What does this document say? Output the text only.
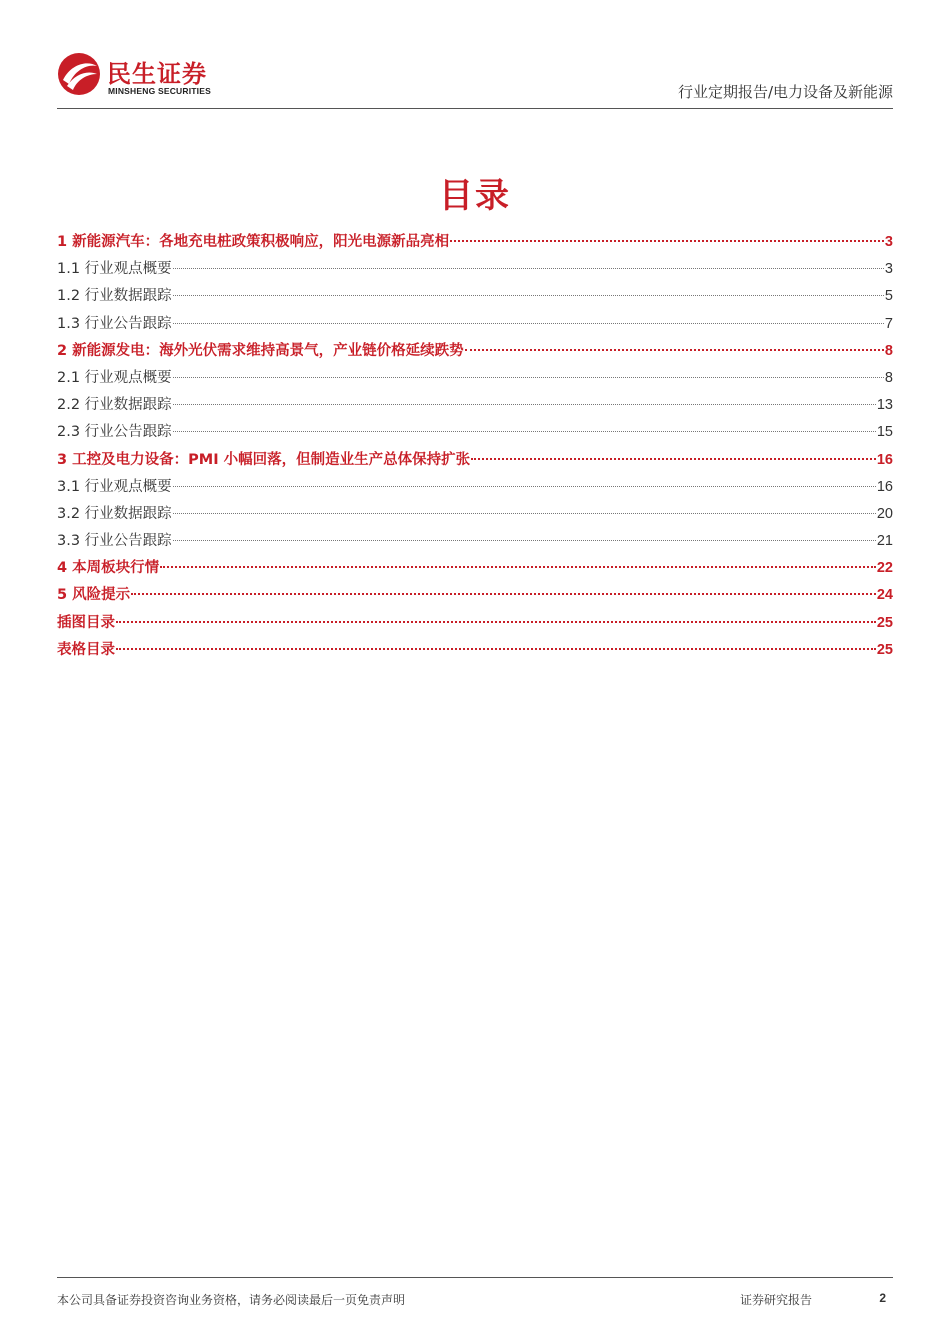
民生证券
MINSHENG SECURITIES	行业定期报告/电力设备及新能源
目录
1 新能源汽车：各地充电桩政策积极响应，阳光电源新品亮相	3
1.1 行业观点概要	3
1.2 行业数据跟踪	5
1.3 行业公告跟踪	7
2 新能源发电：海外光伏需求维持高景气，产业链价格延续跌势	8
2.1 行业观点概要	8
2.2 行业数据跟踪	13
2.3 行业公告跟踪	15
3 工控及电力设备：PMI 小幅回落，但制造业生产总体保持扩张	16
3.1 行业观点概要	16
3.2 行业数据跟踪	20
3.3 行业公告跟踪	21
4 本周板块行情	22
5 风险提示	24
插图目录	25
表格目录	25
本公司具备证券投资咨询业务资格，请务必阅读最后一页免责声明	证券研究报告	2
